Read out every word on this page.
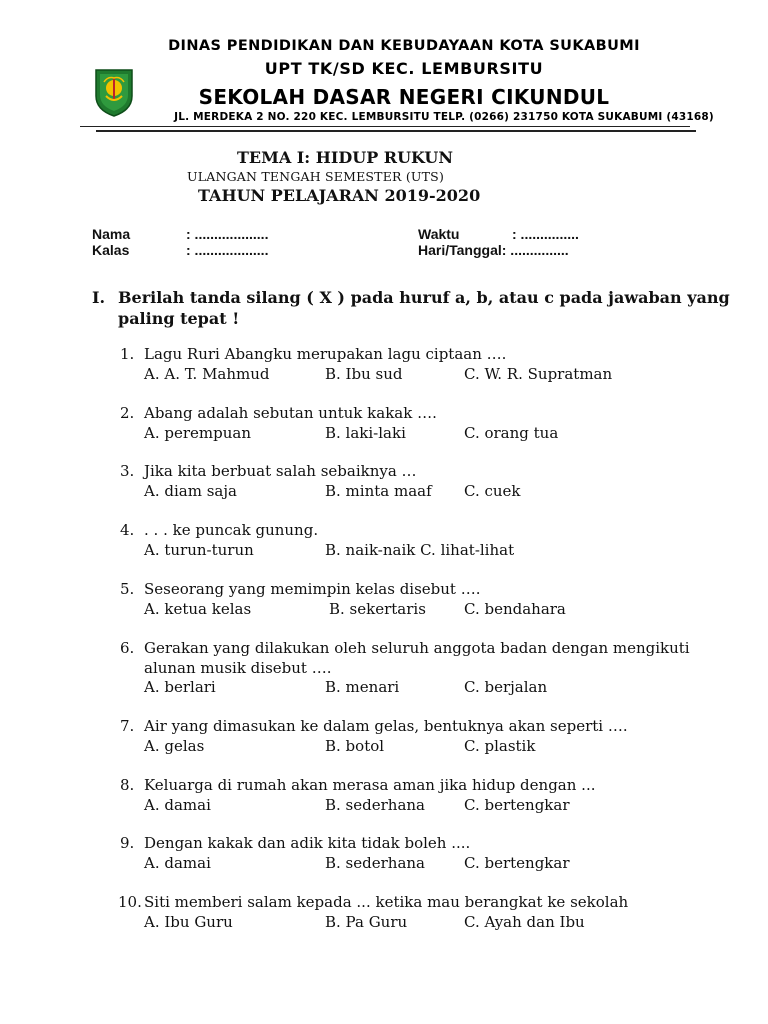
DINAS PENDIDIKAN DAN KEBUDAYAAN KOTA SUKABUMI
UPT TK/SD KEC. LEMBURSITU
SEKOLAH DASAR NEGERI CIKUNDUL
JL. MERDEKA 2 NO. 220 KEC. LEMBURSITU TELP. (0266) 231750 KOTA SUKABUMI (43168)
TEMA I: HIDUP RUKUN
ULANGAN TENGAH SEMESTER (UTS)
TAHUN PELAJARAN 2019-2020
Nama	: ...................
Kalas	: ...................
Waktu	: ...............
Hari/Tanggal: ...............
I. Berilah tanda silang ( X ) pada huruf a, b, atau c pada jawaban yang paling tepat !
1. Lagu Ruri Abangku merupakan lagu ciptaan ….
A. A. T. Mahmud	B. Ibu sud	C. W. R. Supratman
2. Abang adalah sebutan untuk kakak ….
A. perempuan	B. laki-laki	C. orang tua
3. Jika kita berbuat salah sebaiknya …
A. diam saja	B. minta maaf C. cuek
4. . . . ke puncak gunung.
A. turun-turun	B. naik-naik C. lihat-lihat
5. Seseorang yang memimpin kelas disebut ….
A. ketua kelas	B. sekertaris	C. bendahara
6. Gerakan yang dilakukan oleh seluruh anggota badan dengan mengikuti alunan musik disebut ….
A. berlari	B. menari	C. berjalan
7. Air yang dimasukan ke dalam gelas, bentuknya akan seperti ….
A. gelas	B. botol	C. plastik
8. Keluarga di rumah akan merasa aman jika hidup dengan ...
A. damai	B. sederhana	C. bertengkar
9. Dengan kakak dan adik kita tidak boleh ....
A. damai	B. sederhana	C. bertengkar
10. Siti memberi salam kepada ... ketika mau berangkat ke sekolah
A. Ibu Guru	B. Pa Guru	C. Ayah dan Ibu
